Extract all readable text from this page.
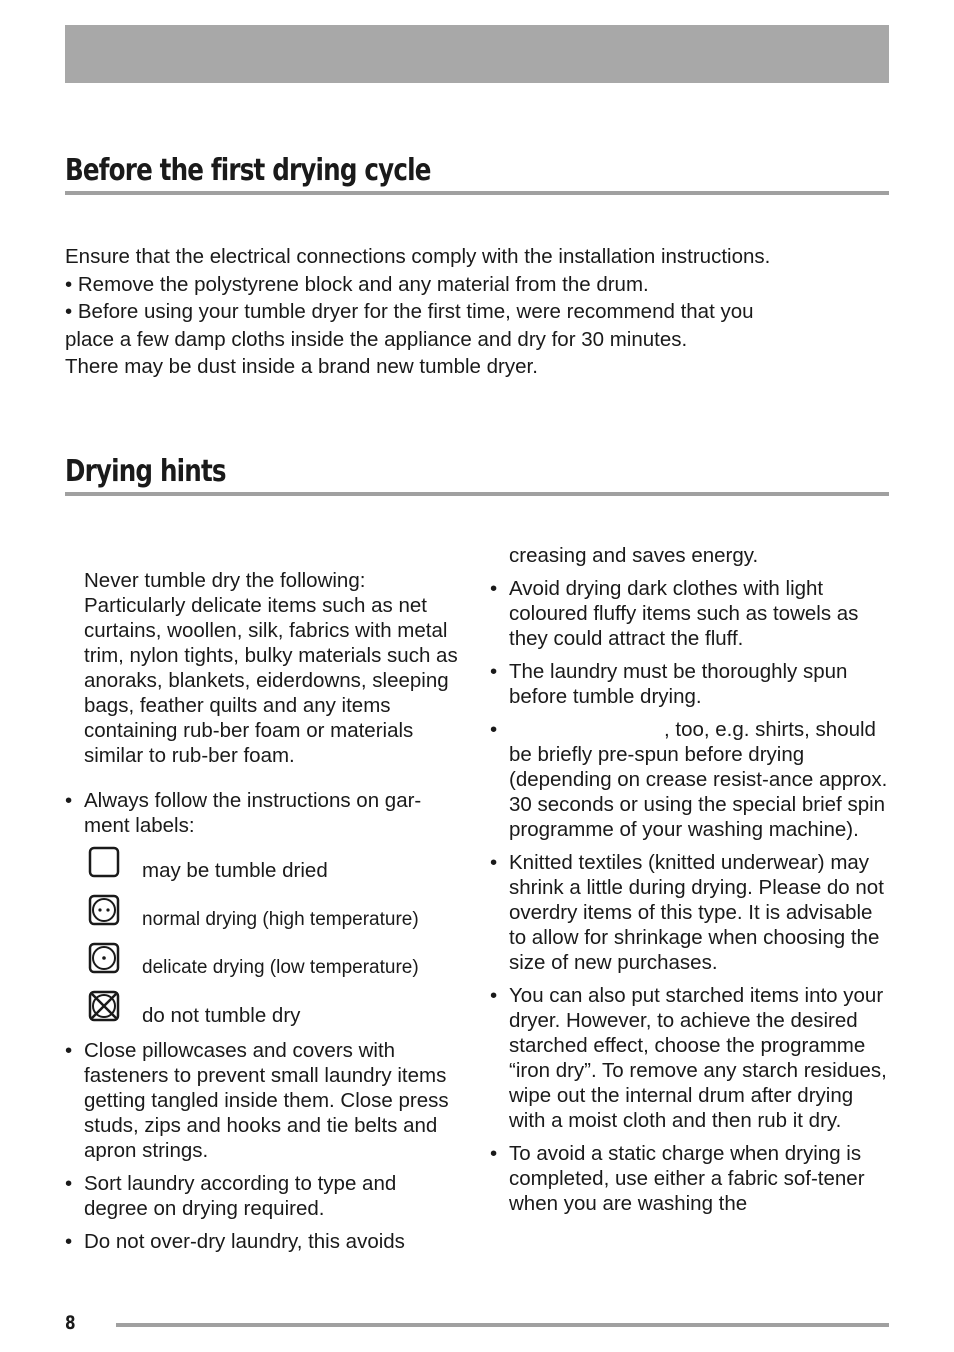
Before the first drying cycle

Ensure that the electrical connections comply with the installation instructions.

• Remove the polystyrene block and any material from the drum.

• Before using your tumble dryer for the first time, were recommend that you

place a few damp cloths inside the appliance and dry for 30 minutes.

There may be dust inside a brand new tumble dryer.

Drying hints
Never tumble dry the following: Particularly delicate items such as net curtains, woollen, silk, fabrics with metal trim, nylon tights, bulky materials such as anoraks, blankets, eiderdowns, sleeping bags, feather quilts and any items containing rub-ber foam or materials similar to rub-ber foam.
• Always follow the instructions on gar-ment labels:
may be tumble dried
normal drying (high temperature)
delicate drying (low temperature)
do not tumble dry
• Close pillowcases and covers with fasteners to prevent small laundry items getting tangled inside them. Close press studs, zips and hooks and tie belts and apron strings.
• Sort laundry according to type and degree on drying required.
• Do not over-dry laundry, this avoids
creasing and saves energy.
• Avoid drying dark clothes with light coloured fluffy items such as towels as they could attract the fluff.
• The laundry must be thoroughly spun before tumble drying.
• , too, e.g. shirts, should be briefly pre-spun before drying (depending on crease resist-ance approx. 30 seconds or using the special brief spin programme of your washing machine).
• Knitted textiles (knitted underwear) may shrink a little during drying. Please do not overdry items of this type. It is advisable to allow for shrinkage when choosing the size of new purchases.
• You can also put starched items into your dryer. However, to achieve the desired starched effect, choose the programme “iron dry”. To remove any starch residues, wipe out the internal drum after drying with a moist cloth and then rub it dry.
• To avoid a static charge when drying is completed, use either a fabric sof-tener when you are washing the
8
